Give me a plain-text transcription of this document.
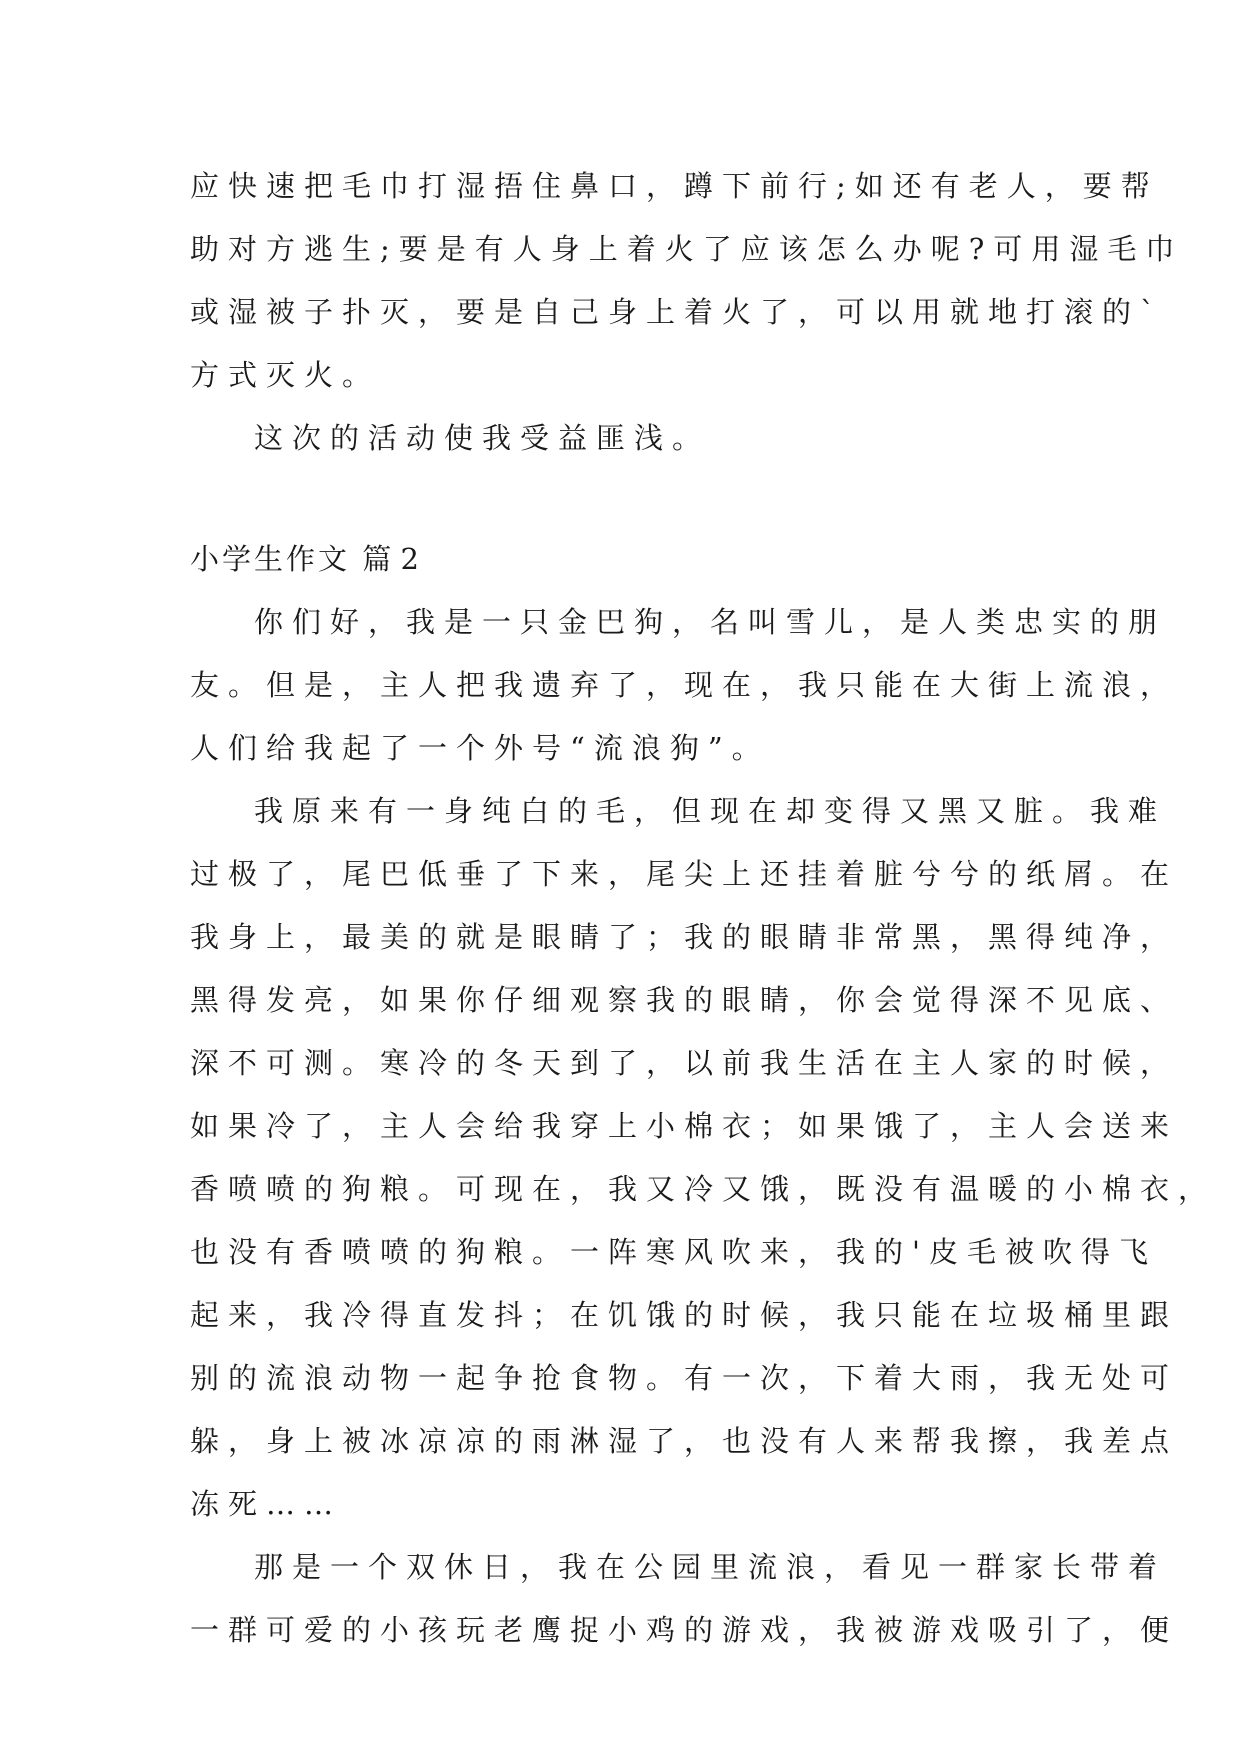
应快速把毛巾打湿捂住鼻口，蹲下前行;如还有老人，要帮
助对方逃生;要是有人身上着火了应该怎么办呢?可用湿毛巾
或湿被子扑灭，要是自己身上着火了，可以用就地打滚的`
方式灭火。
这次的活动使我受益匪浅。
小学生作文 篇 2
你们好，我是一只金巴狗，名叫雪儿，是人类忠实的朋
友。但是，主人把我遗弃了，现在，我只能在大街上流浪，
人们给我起了一个外号“流浪狗”。
我原来有一身纯白的毛，但现在却变得又黑又脏。我难
过极了，尾巴低垂了下来，尾尖上还挂着脏兮兮的纸屑。在
我身上，最美的就是眼睛了；我的眼睛非常黑，黑得纯净，
黑得发亮，如果你仔细观察我的眼睛，你会觉得深不见底、
深不可测。寒冷的冬天到了，以前我生活在主人家的时候，
如果冷了，主人会给我穿上小棉衣；如果饿了，主人会送来
香喷喷的狗粮。可现在，我又冷又饿，既没有温暖的小棉衣，
也没有香喷喷的狗粮。一阵寒风吹来，我的'皮毛被吹得飞
起来，我冷得直发抖；在饥饿的时候，我只能在垃圾桶里跟
别的流浪动物一起争抢食物。有一次，下着大雨，我无处可
躲，身上被冰凉凉的雨淋湿了，也没有人来帮我擦，我差点
冻死……
那是一个双休日，我在公园里流浪，看见一群家长带着
一群可爱的小孩玩老鹰捉小鸡的游戏，我被游戏吸引了，便
